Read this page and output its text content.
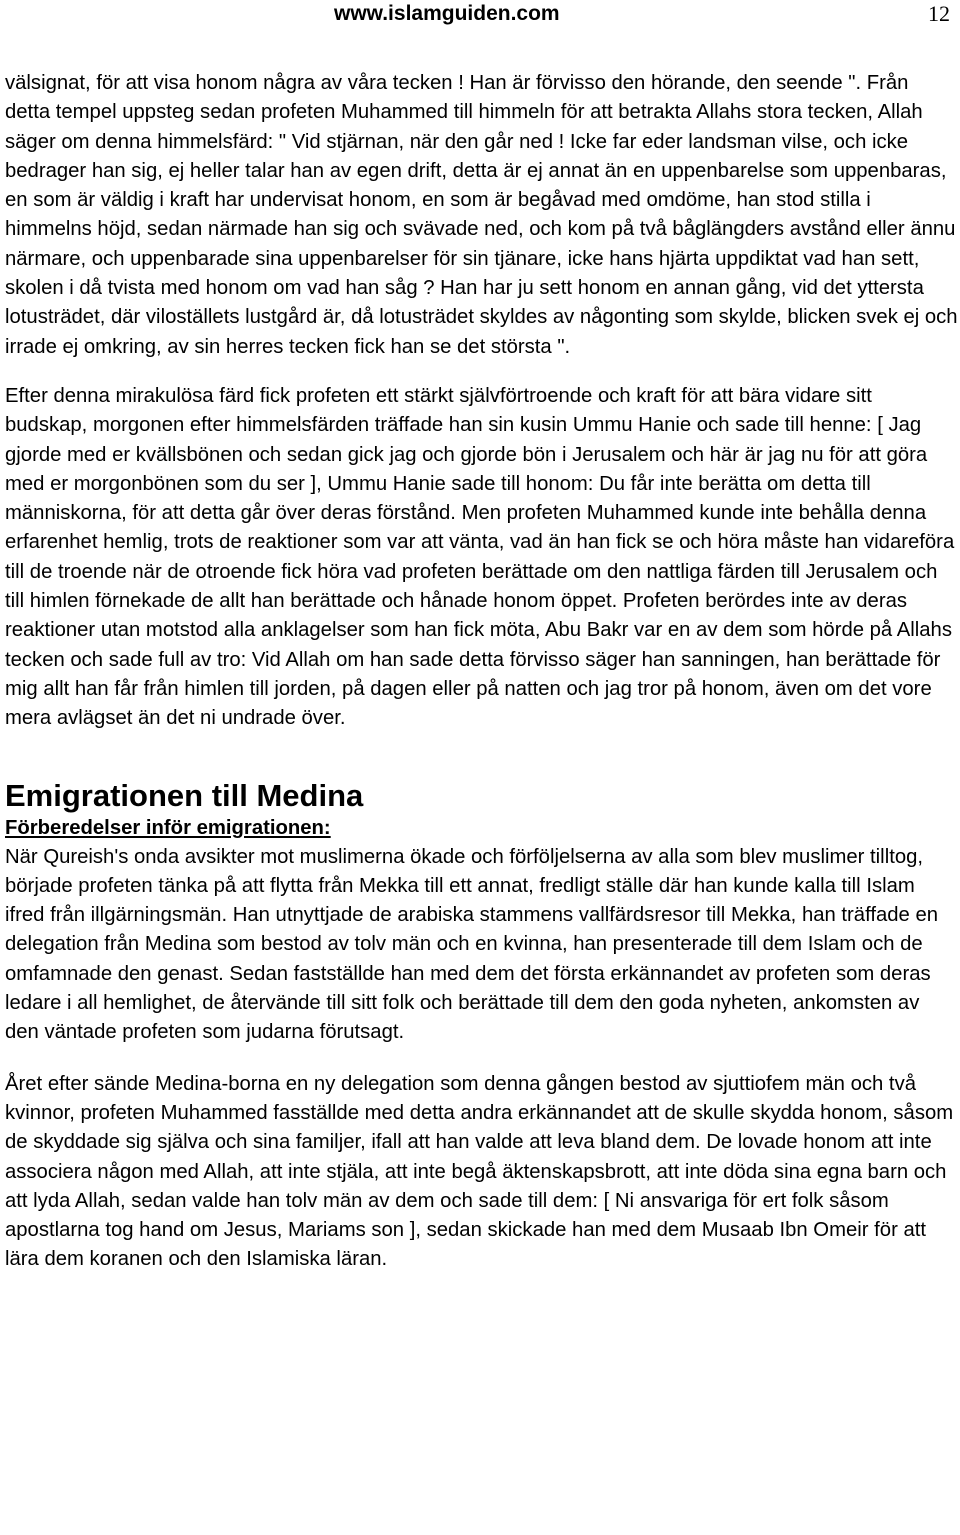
www.islamguiden.com	12

välsignat, för att visa honom några av våra tecken ! Han är förvisso den hörande, den seende ". Från detta tempel uppsteg sedan profeten Muhammed till himmeln för att betrakta Allahs stora tecken, Allah säger om denna himmelsfärd: " Vid stjärnan, när den går ned ! Icke far eder landsman vilse, och icke bedrager han sig, ej heller talar han av egen drift, detta är ej annat än en uppenbarelse som uppenbaras, en som är väldig i kraft har undervisat honom, en som är begåvad med omdöme, han stod stilla i himmelns höjd, sedan närmade han sig och svävade ned, och kom på två båglängders avstånd eller ännu närmare, och uppenbarade sina uppenbarelser för sin tjänare, icke hans hjärta uppdiktat vad han sett, skolen i då tvista med honom om vad han såg ? Han har ju sett honom en annan gång, vid det yttersta lotusträdet, där viloställets lustgård är, då lotusträdet skyldes av någonting som skylde, blicken svek ej och irrade ej omkring, av sin herres tecken fick han se det största ".

Efter denna mirakulösa färd fick profeten ett stärkt självförtroende och kraft för att bära vidare sitt budskap, morgonen efter himmelsfärden träffade han sin kusin Ummu Hanie och sade till henne: [ Jag gjorde med er kvällsbönen och sedan gick jag och gjorde bön i Jerusalem och här är jag nu för att göra med er morgonbönen som du ser ], Ummu Hanie sade till honom: Du får inte berätta om detta till människorna, för att detta går över deras förstånd. Men profeten Muhammed kunde inte behålla denna erfarenhet hemlig, trots de reaktioner som var att vänta, vad än han fick se och höra måste han vidareföra till de troende när de otroende fick höra vad profeten berättade om den nattliga färden till Jerusalem och till himlen förnekade de allt han berättade och hånade honom öppet. Profeten berördes inte av deras reaktioner utan motstod alla anklagelser som han fick möta, Abu Bakr var en av dem som hörde på Allahs tecken och sade full av tro: Vid Allah om han sade detta förvisso säger han sanningen, han berättade för mig allt han får från himlen till jorden, på dagen eller på natten och jag tror på honom, även om det vore mera avlägset än det ni undrade över.

Emigrationen till Medina
Förberedelser inför emigrationen:

När Qureish's onda avsikter mot muslimerna ökade och förföljelserna av alla som blev muslimer tilltog, började profeten tänka på att flytta från Mekka till ett annat, fredligt ställe där han kunde kalla till Islam ifred från illgärningsmän. Han utnyttjade de arabiska stammens vallfärdsresor till Mekka, han träffade en delegation från Medina som bestod av tolv män och en kvinna, han presenterade till dem Islam och de omfamnade den genast. Sedan fastställde han med dem det första erkännandet av profeten som deras ledare i all hemlighet, de återvände till sitt folk och berättade till dem den goda nyheten, ankomsten av den väntade profeten som judarna förutsagt.

Året efter sände Medina-borna en ny delegation som denna gången bestod av sjuttiofem män och två kvinnor, profeten Muhammed fasställde med detta andra erkännandet att de skulle skydda honom, såsom de skyddade sig själva och sina familjer, ifall att han valde att leva bland dem. De lovade honom att inte associera någon med Allah, att inte stjäla, att inte begå äktenskapsbrott, att inte döda sina egna barn och att lyda Allah, sedan valde han tolv män av dem och sade till dem: [ Ni ansvariga för ert folk såsom apostlarna tog hand om Jesus, Mariams son ], sedan skickade han med dem Musaab Ibn Omeir för att lära dem koranen och den Islamiska läran.
